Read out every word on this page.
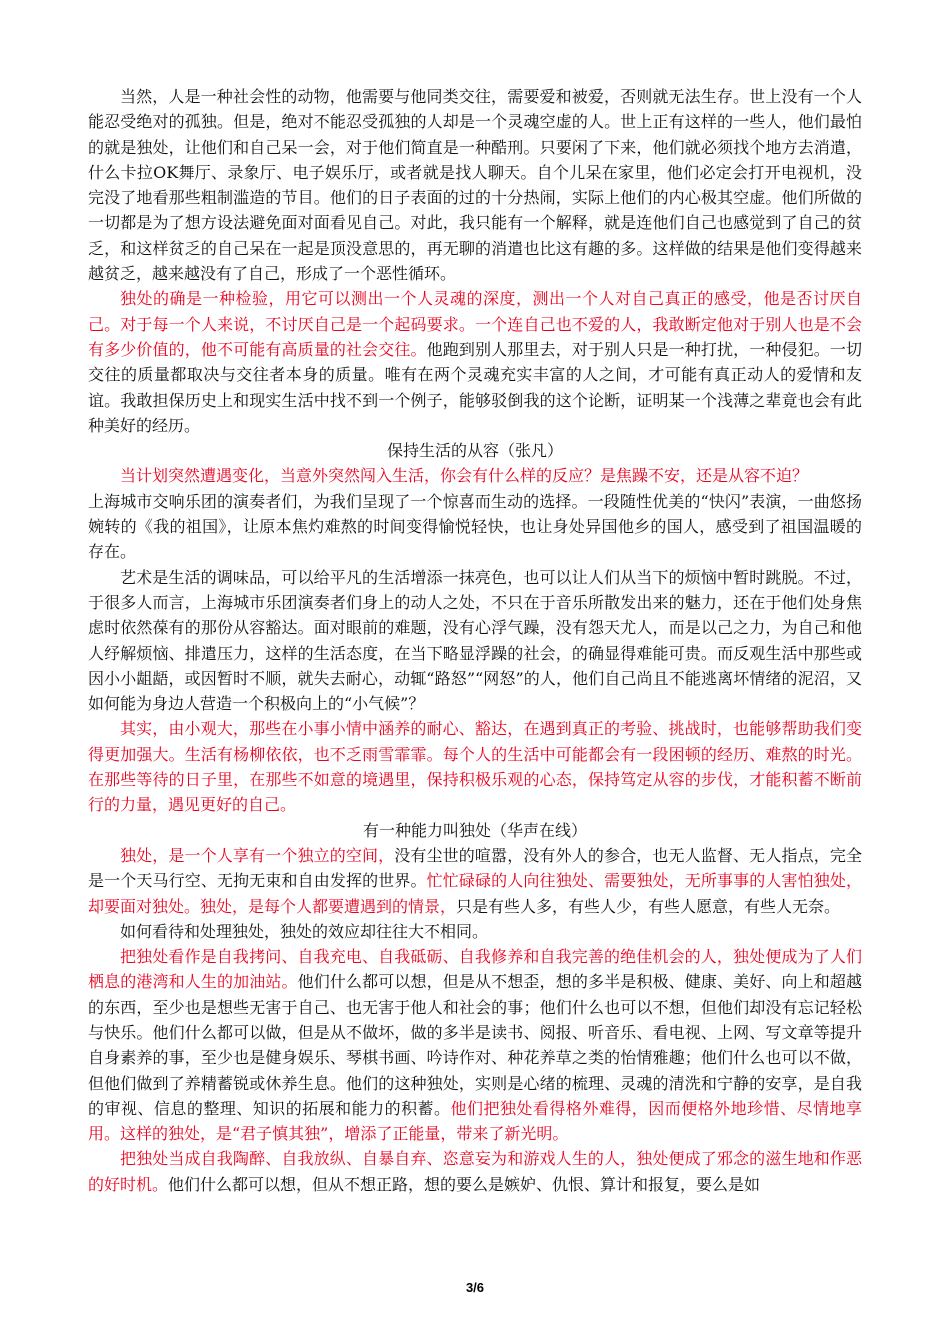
当然，人是一种社会性的动物，他需要与他同类交往，需要爱和被爱，否则就无法生存。世上没有一个人能忍受绝对的孤独。但是，绝对不能忍受孤独的人却是一个灵魂空虚的人。世上正有这样的一些人，他们最怕的就是独处，让他们和自己呆一会，对于他们简直是一种酷刑。只要闲了下来，他们就必须找个地方去消遣，什么卡拉OK舞厅、录象厅、电子娱乐厅，或者就是找人聊天。自个儿呆在家里，他们必定会打开电视机，没完没了地看那些粗制滥造的节目。他们的日子表面的过的十分热闹，实际上他们的内心极其空虚。他们所做的一切都是为了想方设法避免面对面看见自己。对此，我只能有一个解释，就是连他们自己也感觉到了自己的贫乏，和这样贫乏的自己呆在一起是顶没意思的，再无聊的消遣也比这有趣的多。这样做的结果是他们变得越来越贫乏，越来越没有了自己，形成了一个恶性循环。

独处的确是一种检验，用它可以测出一个人灵魂的深度，测出一个人对自己真正的感受，他是否讨厌自己。对于每一个人来说，不讨厌自己是一个起码要求。一个连自己也不爱的人，我敢断定他对于别人也是不会有多少价值的，他不可能有高质量的社会交往。他跑到别人那里去，对于别人只是一种打扰，一种侵犯。一切交往的质量都取决与交往者本身的质量。唯有在两个灵魂充实丰富的人之间，才可能有真正动人的爱情和友谊。我敢担保历史上和现实生活中找不到一个例子，能够驳倒我的这个论断，证明某一个浅薄之辈竟也会有此种美好的经历。

保持生活的从容（张凡）

当计划突然遭遇变化，当意外突然闯入生活，你会有什么样的反应？是焦躁不安，还是从容不迫？

上海城市交响乐团的演奏者们，为我们呈现了一个惊喜而生动的选择。一段随性优美的“快闪”表演，一曲悠扬婉转的《我的祖国》，让原本焦灼难熬的时间变得愉悦轻快，也让身处异国他乡的国人，感受到了祖国温暖的存在。

艺术是生活的调味品，可以给平凡的生活增添一抹亮色，也可以让人们从当下的烦恼中暂时跳脱。不过，于很多人而言，上海城市乐团演奏者们身上的动人之处，不只在于音乐所散发出来的魅力，还在于他们处身焦虑时依然葆有的那份从容豁达。面对眼前的难题，没有心浮气躁，没有怨天尤人，而是以己之力，为自己和他人纾解烦恼、排遣压力，这样的生活态度，在当下略显浮躁的社会，的确显得难能可贵。而反观生活中那些或因小小龃龉，或因暂时不顺，就失去耐心，动辄“路怒”“网怒”的人，他们自己尚且不能逃离坏情绪的泥沼，又如何能为身边人营造一个积极向上的“小气候”？

其实，由小观大，那些在小事小情中涵养的耐心、豁达，在遇到真正的考验、挑战时，也能够帮助我们变得更加强大。生活有杨柳依依，也不乏雨雪霏霏。每个人的生活中可能都会有一段困顿的经历、难熬的时光。在那些等待的日子里，在那些不如意的境遇里，保持积极乐观的心态，保持笃定从容的步伐，才能积蓄不断前行的力量，遇见更好的自己。

有一种能力叫独处（华声在线）

独处，是一个人享有一个独立的空间，没有尘世的喧嚣，没有外人的参合，也无人监督、无人指点，完全是一个天马行空、无拘无束和自由发挥的世界。忙忙碌碌的人向往独处、需要独处，无所事事的人害怕独处，却要面对独处。独处，是每个人都要遭遇到的情景，只是有些人多，有些人少，有些人愿意，有些人无奈。

如何看待和处理独处，独处的效应却往往大不相同。

把独处看作是自我拷问、自我充电、自我砥砺、自我修养和自我完善的绝佳机会的人，独处便成为了人们栖息的港湾和人生的加油站。他们什么都可以想，但是从不想歪，想的多半是积极、健康、美好、向上和超越的东西，至少也是想些无害于自己、也无害于他人和社会的事；他们什么也可以不想，但他们却没有忘记轻松与快乐。他们什么都可以做，但是从不做坏，做的多半是读书、阅报、听音乐、看电视、上网、写文章等提升自身素养的事，至少也是健身娱乐、琴棋书画、吟诗作对、种花养草之类的怡情雅趣；他们什么也可以不做，但他们做到了养精蓄锐或休养生息。他们的这种独处，实则是心绪的梳理、灵魂的清洗和宁静的安享，是自我的审视、信息的整理、知识的拓展和能力的积蓄。他们把独处看得格外难得，因而便格外地珍惜、尽情地享用。这样的独处，是“君子慎其独”，增添了正能量，带来了新光明。

把独处当成自我陶醉、自我放纵、自暴自弃、恣意妄为和游戏人生的人，独处便成了邪念的滋生地和作恶的好时机。他们什么都可以想，但从不想正路，想的要么是嫉妒、仇恨、算计和报复，要么是如

3/6
